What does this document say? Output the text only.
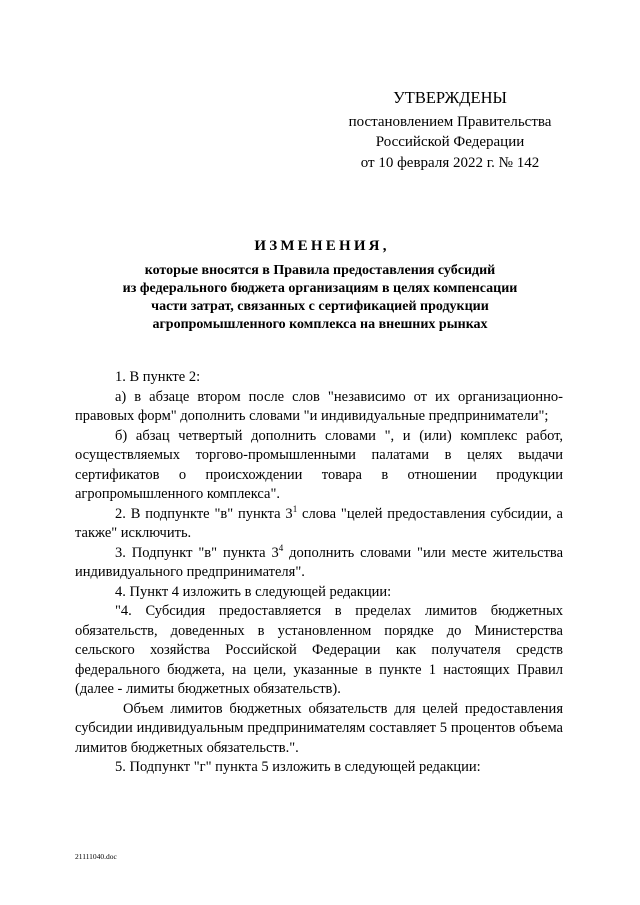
УТВЕРЖДЕНЫ
постановлением Правительства
Российской Федерации
от 10 февраля 2022 г. № 142
ИЗМЕНЕНИЯ,
которые вносятся в Правила предоставления субсидий
из федерального бюджета организациям в целях компенсации
части затрат, связанных с сертификацией продукции
агропромышленного комплекса на внешних рынках

1. В пункте 2:

а) в абзаце втором после слов "независимо от их организационно-правовых форм" дополнить словами "и индивидуальные предприниматели";

б) абзац четвертый дополнить словами ", и (или) комплекс работ, осуществляемых торгово-промышленными палатами в целях выдачи сертификатов о происхождении товара в отношении продукции агропромышленного комплекса".

2. В подпункте "в" пункта $3^1$ слова "целей предоставления субсидии, а также" исключить.

3. Подпункт "в" пункта $3^4$ дополнить словами "или месте жительства индивидуального предпринимателя".

4. Пункт 4 изложить в следующей редакции:

"4. Субсидия предоставляется в пределах лимитов бюджетных обязательств, доведенных в установленном порядке до Министерства сельского хозяйства Российской Федерации как получателя средств федерального бюджета, на цели, указанные в пункте 1 настоящих Правил (далее - лимиты бюджетных обязательств).

Объем лимитов бюджетных обязательств для целей предоставления субсидии индивидуальным предпринимателям составляет 5 процентов объема лимитов бюджетных обязательств.".

5. Подпункт "г" пункта 5 изложить в следующей редакции:

21111040.doc
